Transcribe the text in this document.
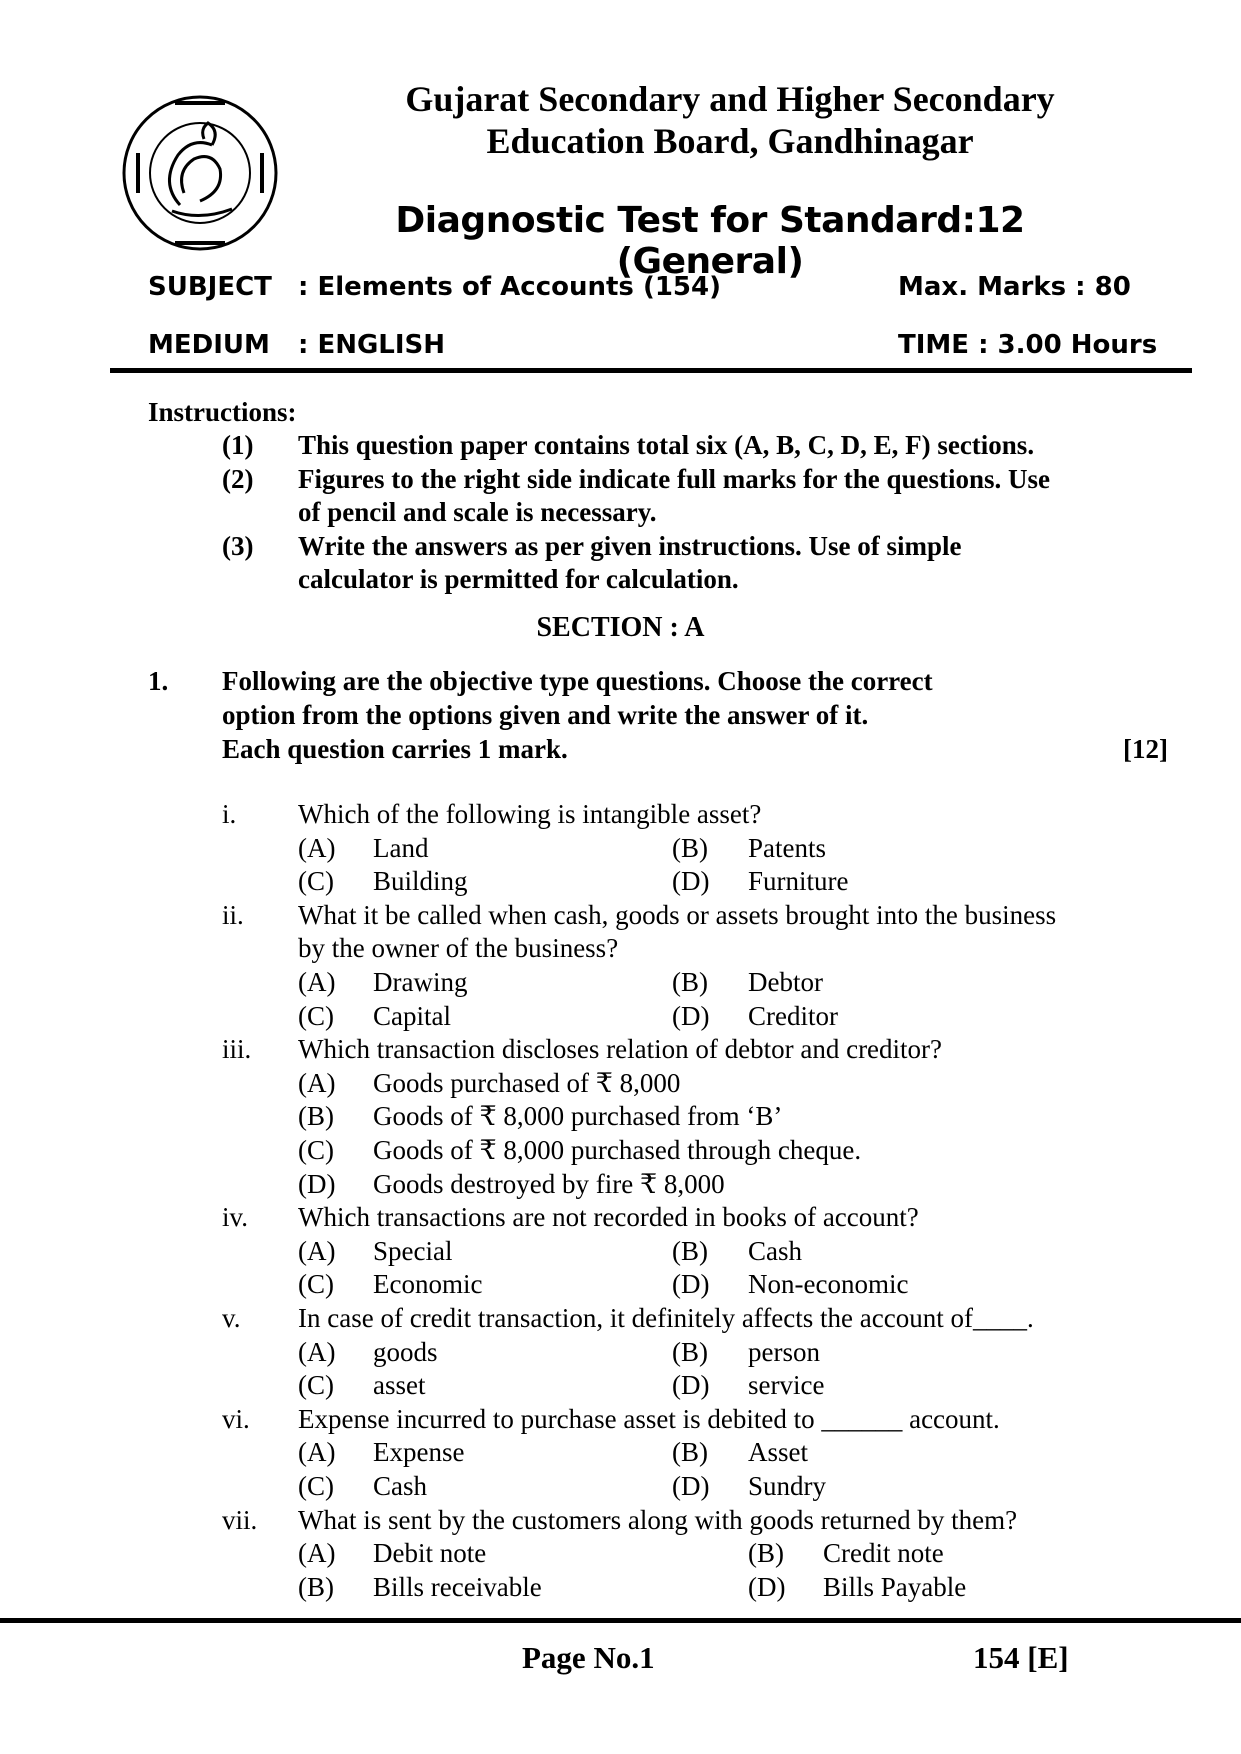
Gujarat Secondary and Higher Secondary
Education Board, Gandhinagar
Diagnostic Test for Standard:12 (General)
SUBJECT : Elements of Accounts (154)	Max. Marks : 80
MEDIUM : ENGLISH	TIME : 3.00 Hours
Instructions:
(1) This question paper contains total six (A, B, C, D, E, F) sections.
(2) Figures to the right side indicate full marks for the questions. Use
of pencil and scale is necessary.
(3) Write the answers as per given instructions. Use of simple
calculator is permitted for calculation.
SECTION : A
1. Following are the objective type questions. Choose the correct
option from the options given and write the answer of it.
Each question carries 1 mark.	[12]
i. Which of the following is intangible asset?
(A) Land	(B) Patents
(C) Building	(D) Furniture
ii. What it be called when cash, goods or assets brought into the business
by the owner of the business?
(A) Drawing	(B) Debtor
(C) Capital	(D) Creditor
iii. Which transaction discloses relation of debtor and creditor?
(A) Goods purchased of ₹ 8,000
(B) Goods of ₹ 8,000 purchased from ‘B’
(C) Goods of ₹ 8,000 purchased through cheque.
(D) Goods destroyed by fire ₹ 8,000
iv. Which transactions are not recorded in books of account?
(A) Special	(B) Cash
(C) Economic	(D) Non-economic
v. In case of credit transaction, it definitely affects the account of____.
(A) goods	(B) person
(C) asset	(D) service
vi. Expense incurred to purchase asset is debited to ______ account.
(A) Expense	(B) Asset
(C) Cash	(D) Sundry
vii. What is sent by the customers along with goods returned by them?
(A) Debit note	(B) Credit note
(B) Bills receivable	(D) Bills Payable
Page No.1	154 [E]
